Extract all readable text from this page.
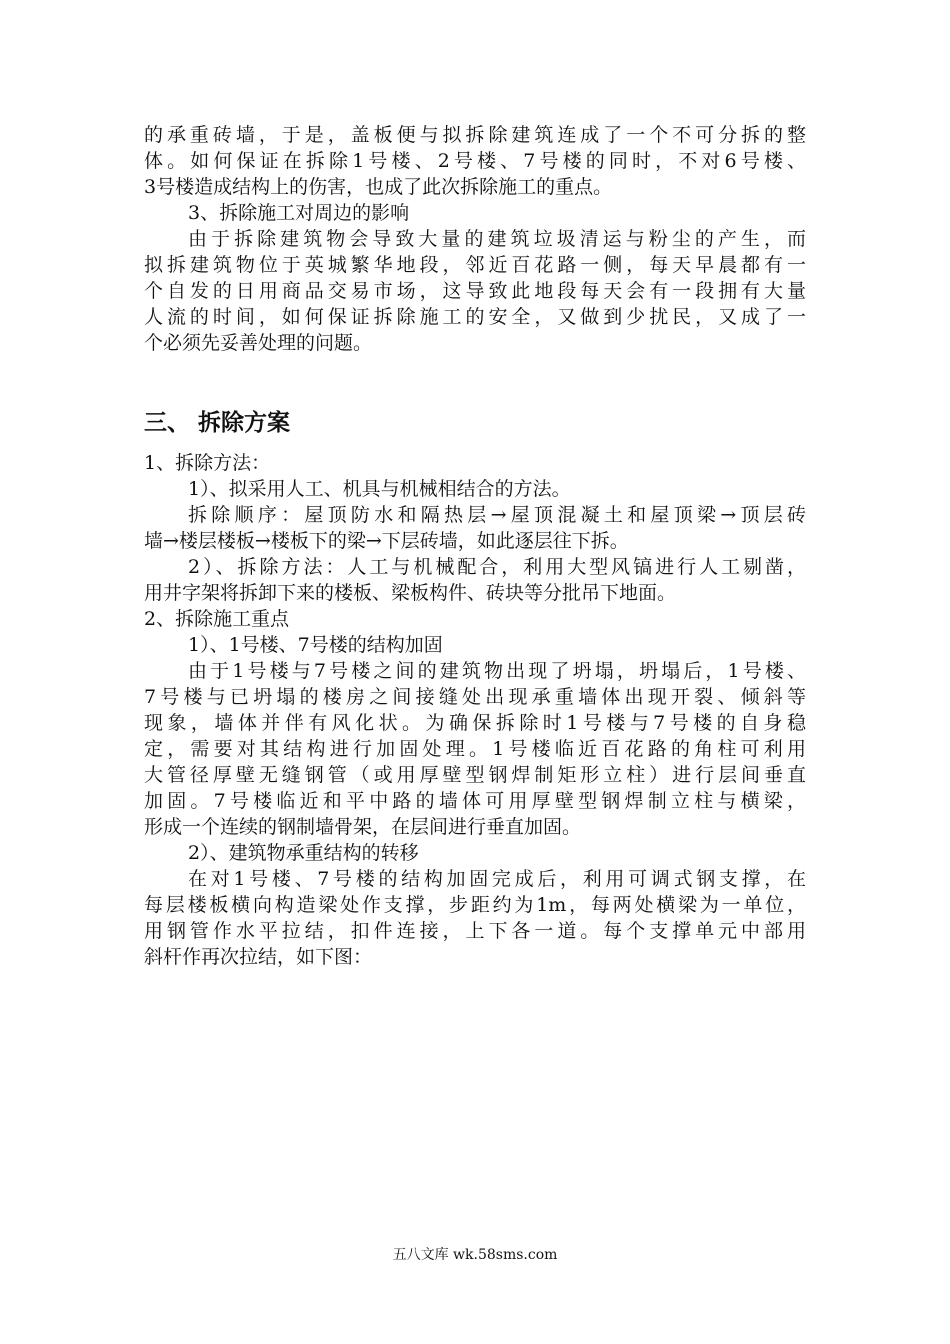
的承重砖墙，于是，盖板便与拟拆除建筑连成了一个不可分拆的整
体。如何保证在拆除1号楼、2号楼、7号楼的同时，不对6号楼、
3号楼造成结构上的伤害，也成了此次拆除施工的重点。
3、拆除施工对周边的影响
由于拆除建筑物会导致大量的建筑垃圾清运与粉尘的产生，而
拟拆建筑物位于英城繁华地段，邻近百花路一侧，每天早晨都有一
个自发的日用商品交易市场，这导致此地段每天会有一段拥有大量
人流的时间，如何保证拆除施工的安全，又做到少扰民，又成了一
个必须先妥善处理的问题。
三、 拆除方案
1、拆除方法：
1）、拟采用人工、机具与机械相结合的方法。
拆除顺序：屋顶防水和隔热层→屋顶混凝土和屋顶梁→顶层砖
墙→楼层楼板→楼板下的梁→下层砖墙，如此逐层往下拆。
2）、拆除方法：人工与机械配合，利用大型风镐进行人工剔凿，
用井字架将拆卸下来的楼板、梁板构件、砖块等分批吊下地面。
2、拆除施工重点
1）、1号楼、7号楼的结构加固
由于1号楼与7号楼之间的建筑物出现了坍塌，坍塌后，1号楼、
7号楼与已坍塌的楼房之间接缝处出现承重墙体出现开裂、倾斜等
现象，墙体并伴有风化状。为确保拆除时1号楼与7号楼的自身稳
定，需要对其结构进行加固处理。1号楼临近百花路的角柱可利用
大管径厚壁无缝钢管（或用厚壁型钢焊制矩形立柱）进行层间垂直
加固。7号楼临近和平中路的墙体可用厚壁型钢焊制立柱与横梁，
形成一个连续的钢制墙骨架，在层间进行垂直加固。
2）、建筑物承重结构的转移
在对1号楼、7号楼的结构加固完成后，利用可调式钢支撑，在
每层楼板横向构造梁处作支撑，步距约为1m，每两处横梁为一单位，
用钢管作水平拉结，扣件连接，上下各一道。每个支撑单元中部用
斜杆作再次拉结，如下图：
五八文库 wk.58sms.com
